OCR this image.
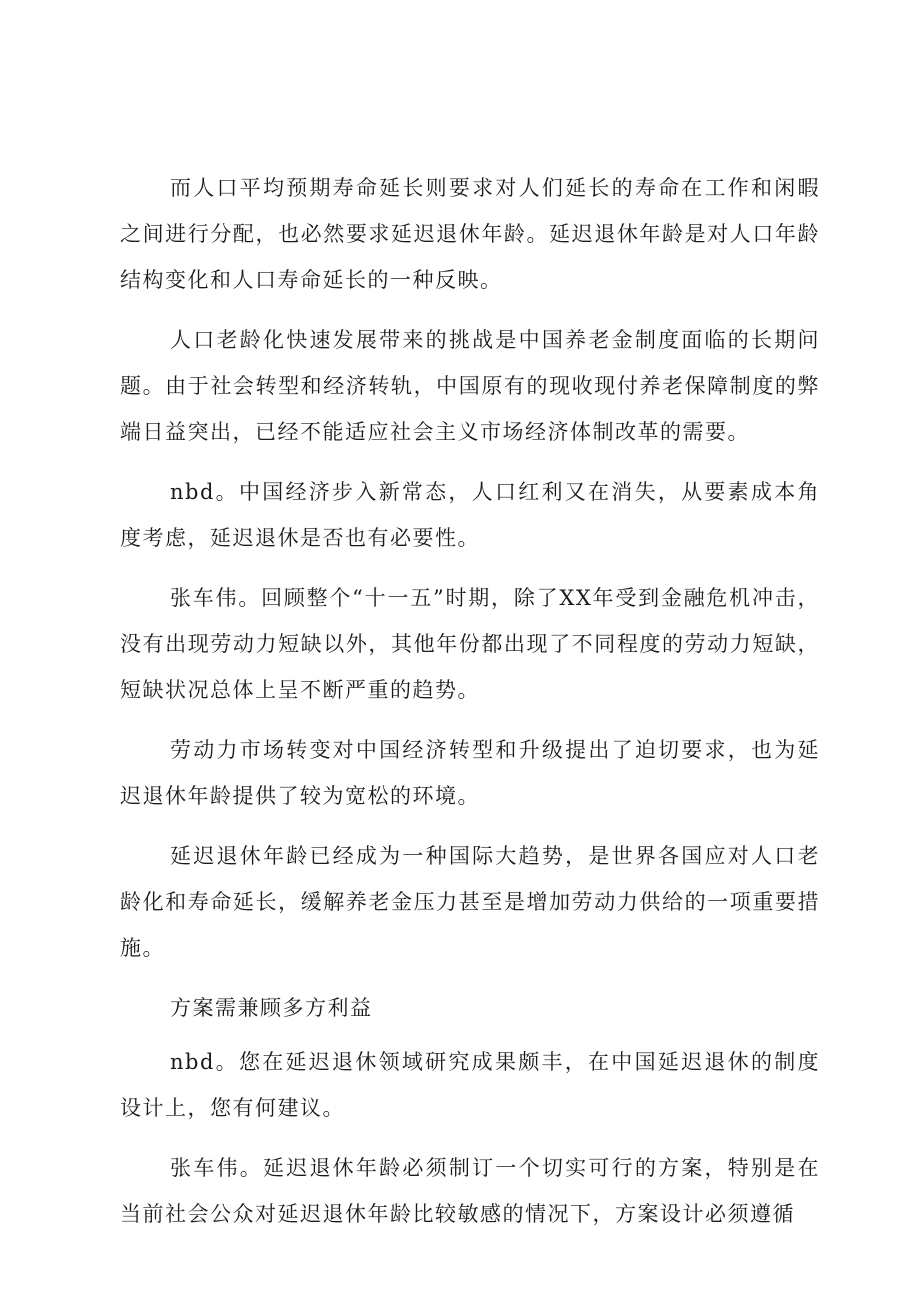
而人口平均预期寿命延长则要求对人们延长的寿命在工作和闲暇之间进行分配，也必然要求延迟退休年龄。延迟退休年龄是对人口年龄结构变化和人口寿命延长的一种反映。

人口老龄化快速发展带来的挑战是中国养老金制度面临的长期问题。由于社会转型和经济转轨，中国原有的现收现付养老保障制度的弊端日益突出，已经不能适应社会主义市场经济体制改革的需要。

nbd。中国经济步入新常态，人口红利又在消失，从要素成本角度考虑，延迟退休是否也有必要性。

张车伟。回顾整个“十一五”时期，除了XX年受到金融危机冲击，没有出现劳动力短缺以外，其他年份都出现了不同程度的劳动力短缺，短缺状况总体上呈不断严重的趋势。

劳动力市场转变对中国经济转型和升级提出了迫切要求，也为延迟退休年龄提供了较为宽松的环境。

延迟退休年龄已经成为一种国际大趋势，是世界各国应对人口老龄化和寿命延长，缓解养老金压力甚至是增加劳动力供给的一项重要措施。

方案需兼顾多方利益

nbd。您在延迟退休领域研究成果颇丰，在中国延迟退休的制度设计上，您有何建议。

张车伟。延迟退休年龄必须制订一个切实可行的方案，特别是在当前社会公众对延迟退休年龄比较敏感的情况下，方案设计必须遵循
